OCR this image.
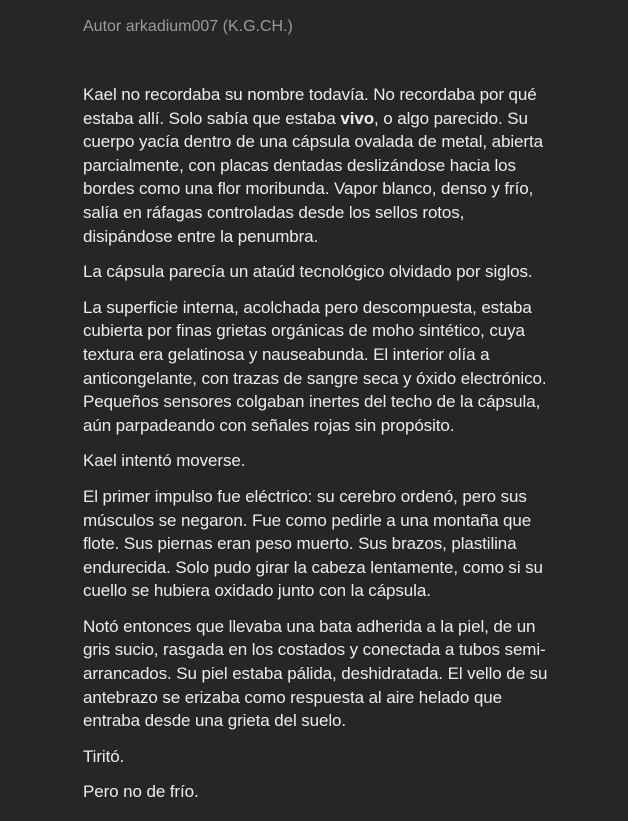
Autor arkadium007 (K.G.CH.)

Kael no recordaba su nombre todavía. No recordaba por qué estaba allí. Solo sabía que estaba vivo, o algo parecido. Su cuerpo yacía dentro de una cápsula ovalada de metal, abierta parcialmente, con placas dentadas deslizándose hacia los bordes como una flor moribunda. Vapor blanco, denso y frío, salía en ráfagas controladas desde los sellos rotos, disipándose entre la penumbra.

La cápsula parecía un ataúd tecnológico olvidado por siglos.

La superficie interna, acolchada pero descompuesta, estaba cubierta por finas grietas orgánicas de moho sintético, cuya textura era gelatinosa y nauseabunda. El interior olía a anticongelante, con trazas de sangre seca y óxido electrónico. Pequeños sensores colgaban inertes del techo de la cápsula, aún parpadeando con señales rojas sin propósito.

Kael intentó moverse.

El primer impulso fue eléctrico: su cerebro ordenó, pero sus músculos se negaron. Fue como pedirle a una montaña que flote. Sus piernas eran peso muerto. Sus brazos, plastilina endurecida. Solo pudo girar la cabeza lentamente, como si su cuello se hubiera oxidado junto con la cápsula.

Notó entonces que llevaba una bata adherida a la piel, de un gris sucio, rasgada en los costados y conectada a tubos semi-arrancados. Su piel estaba pálida, deshidratada. El vello de su antebrazo se erizaba como respuesta al aire helado que entraba desde una grieta del suelo.

Tiritó.

Pero no de frío.
